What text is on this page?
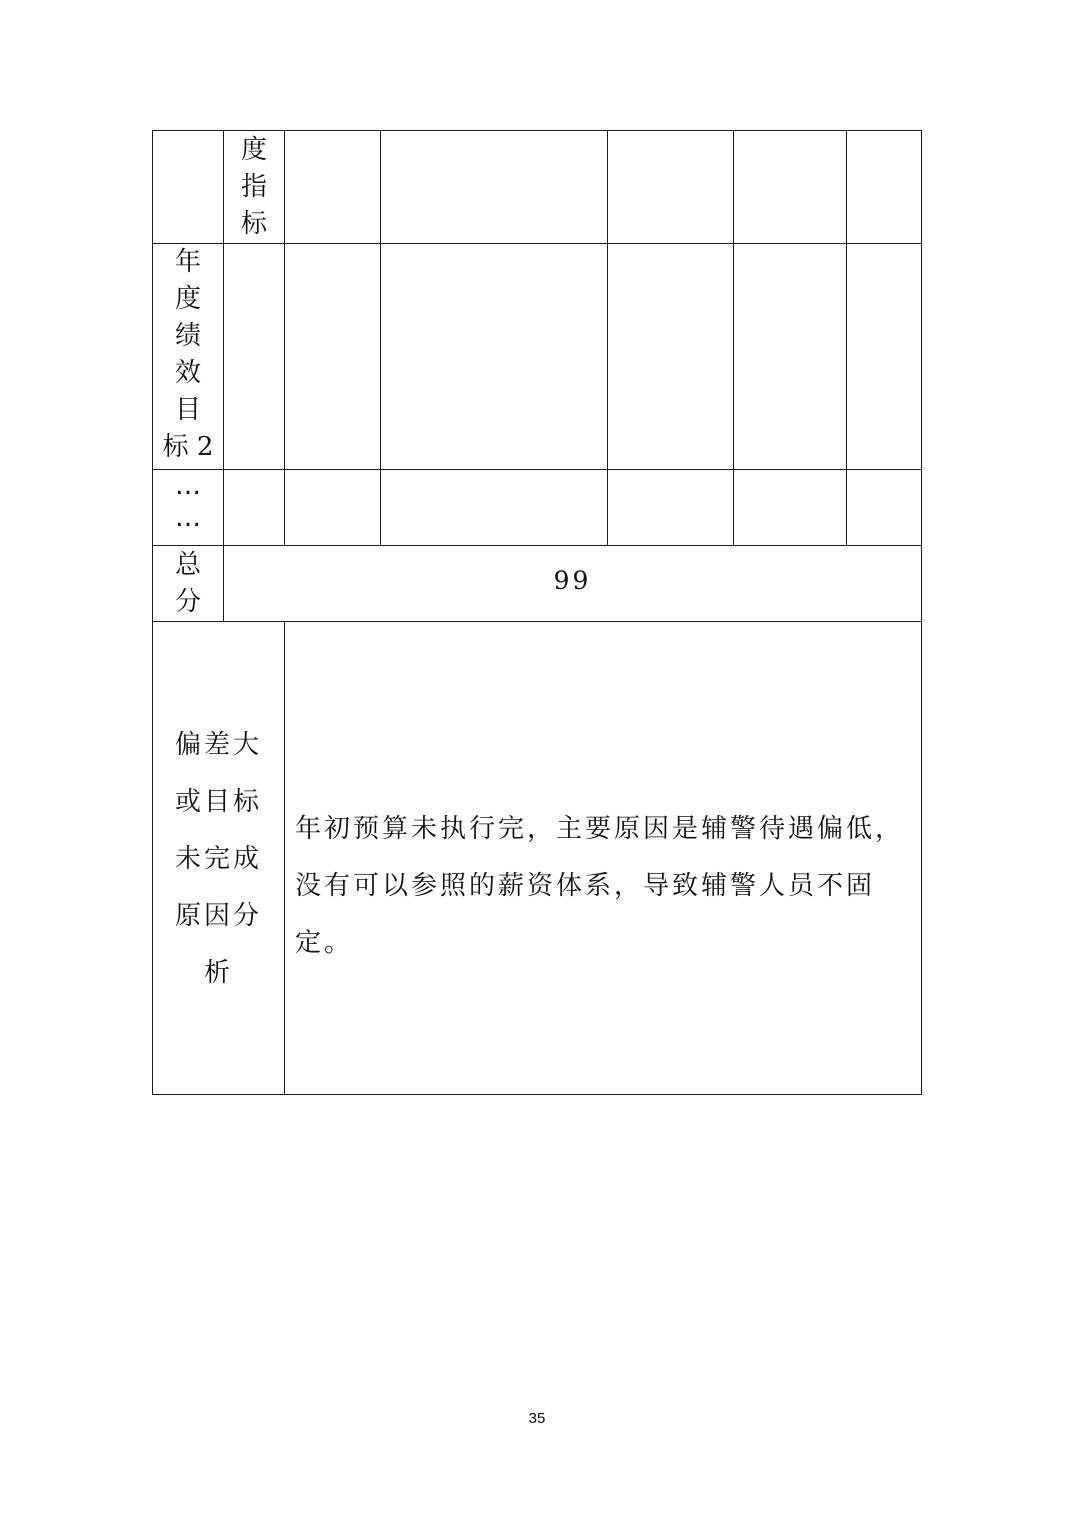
度
指
标
年
度
绩
效
目
标 2
…
…
总
分
99
偏差大
或目标
未完成
原因分
析
年初预算未执行完，主要原因是辅警待遇偏低，
没有可以参照的薪资体系，导致辅警人员不固定。
35
